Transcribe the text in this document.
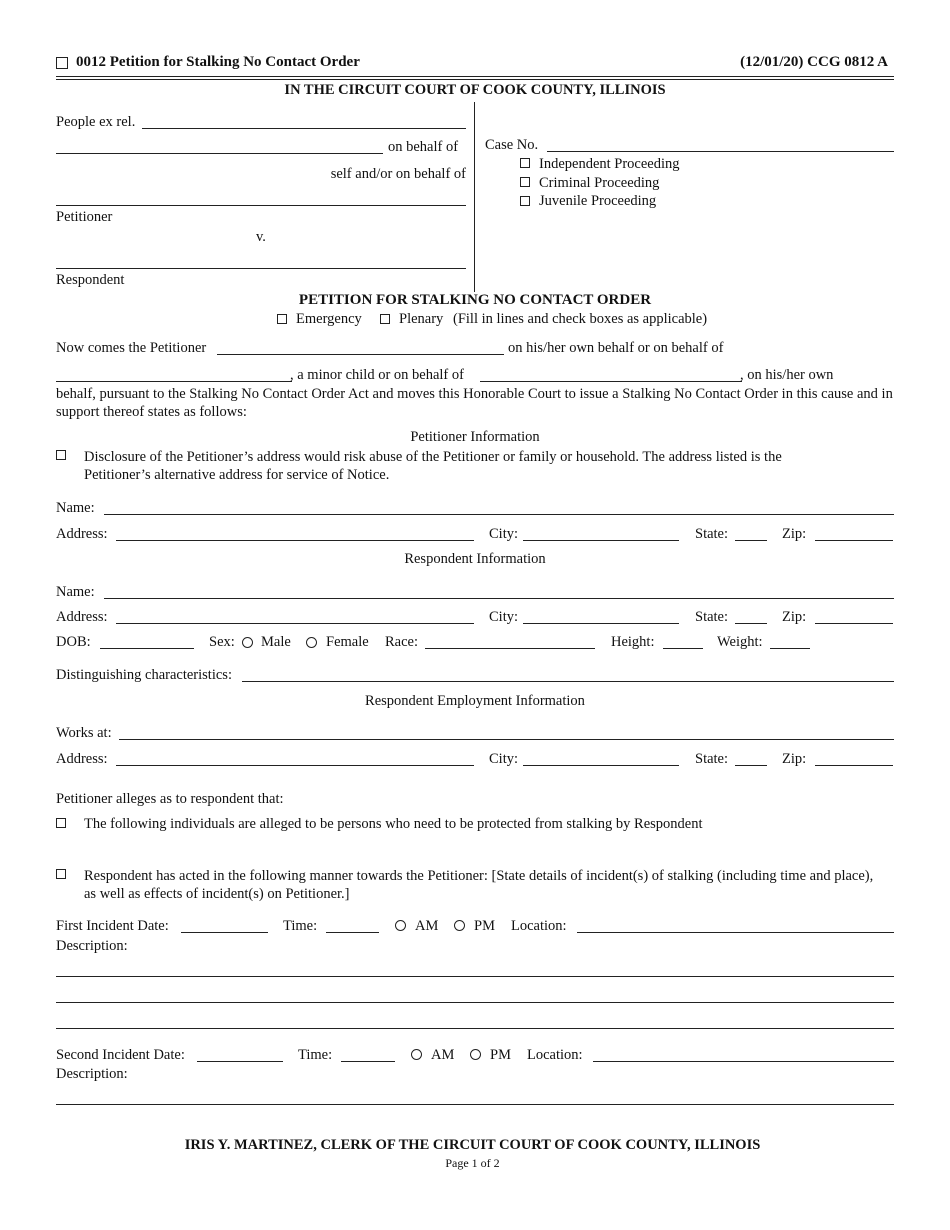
0012 Petition for Stalking No Contact Order	(12/01/20) CCG 0812 A
IN THE CIRCUIT COURT OF COOK COUNTY, ILLINOIS
People ex rel.
on behalf of
self and/or on behalf of
Petitioner
v.
Respondent
Case No.
Independent Proceeding
Criminal Proceeding
Juvenile Proceeding
PETITION FOR STALKING NO CONTACT ORDER
Emergency	Plenary (Fill in lines and check boxes as applicable)
Now comes the Petitioner	on his/her own behalf or on behalf of
, a minor child or on behalf of	, on his/her own
behalf, pursuant to the Stalking No Contact Order Act and moves this Honorable Court to issue a Stalking No Contact Order in this cause and in support thereof states as follows:
Petitioner Information
Disclosure of the Petitioner’s address would risk abuse of the Petitioner or family or household. The address listed is the Petitioner’s alternative address for service of Notice.
Name:
Address:	City:	State:	Zip:
Respondent Information
Name:
Address:	City:	State:	Zip:
DOB:	Sex: Male Female Race:	Height:	Weight:
Distinguishing characteristics:
Respondent Employment Information
Works at:
Address:	City:	State:	Zip:
Petitioner alleges as to respondent that:
The following individuals are alleged to be persons who need to be protected from stalking by Respondent
Respondent has acted in the following manner towards the Petitioner: [State details of incident(s) of stalking (including time and place), as well as effects of incident(s) on Petitioner.]
First Incident Date:	Time:	AM PM Location:
Description:
Second Incident Date:	Time:	AM PM Location:
Description:
IRIS Y. MARTINEZ, CLERK OF THE CIRCUIT COURT OF COOK COUNTY, ILLINOIS
Page 1 of 2
